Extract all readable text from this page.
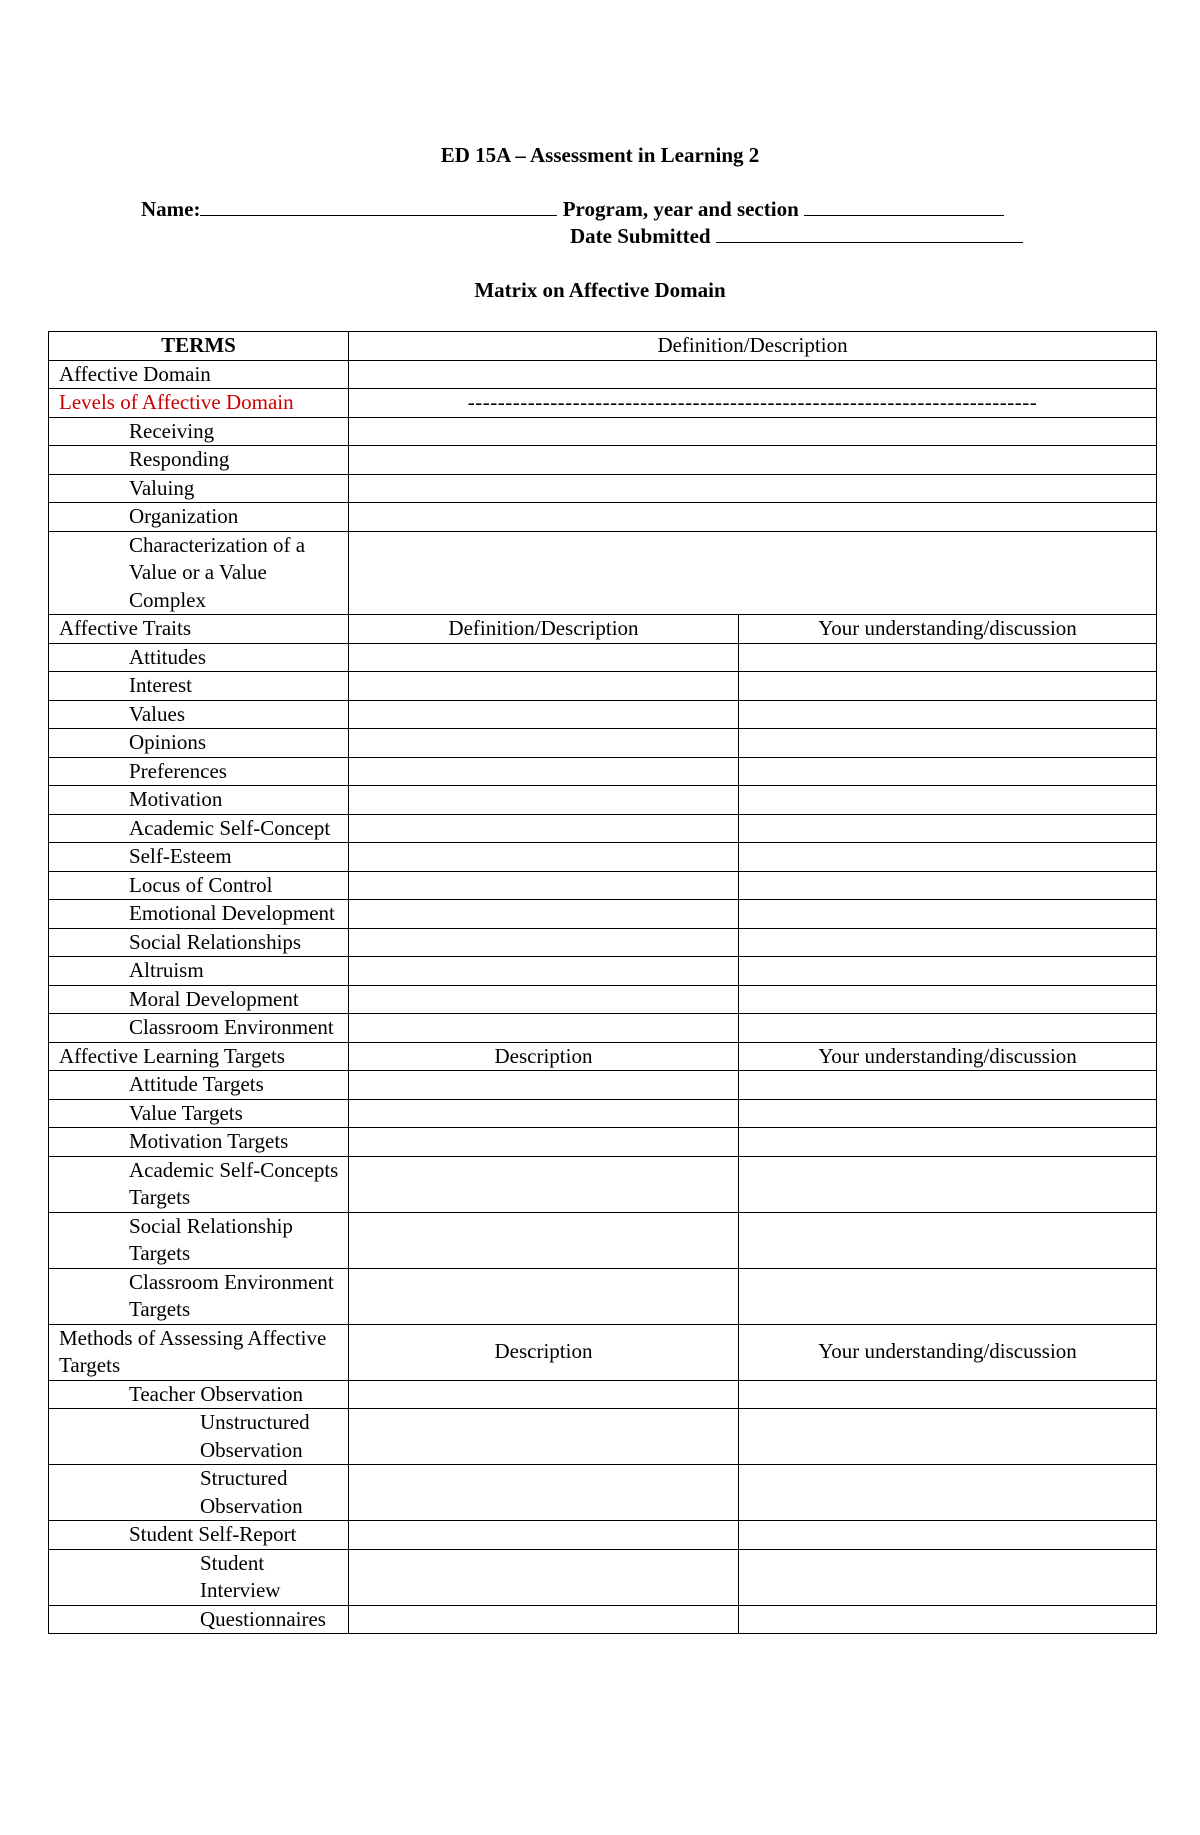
ED 15A – Assessment in Learning 2
Name:	Program, year and section
Date Submitted
Matrix on Affective Domain
TERMS	Definition/Description	
Affective Domain		
Levels of Affective Domain	----------------------------------------------------------------------------	
Receiving		
Responding		
Valuing		
Organization		
Characterization of a Value or a Value Complex		
Affective Traits	Definition/Description	Your understanding/discussion
Attitudes		
Interest		
Values		
Opinions		
Preferences		
Motivation		
Academic Self-Concept		
Self-Esteem		
Locus of Control		
Emotional Development		
Social Relationships		
Altruism		
Moral Development		
Classroom Environment		
Affective Learning Targets	Description	Your understanding/discussion
Attitude Targets		
Value Targets		
Motivation Targets		
Academic Self-Concepts Targets		
Social Relationship Targets		
Classroom Environment Targets		
Methods of Assessing Affective Targets	Description	Your understanding/discussion
Teacher Observation		
Unstructured Observation		
Structured Observation		
Student Self-Report		
Student Interview		
Questionnaires		
